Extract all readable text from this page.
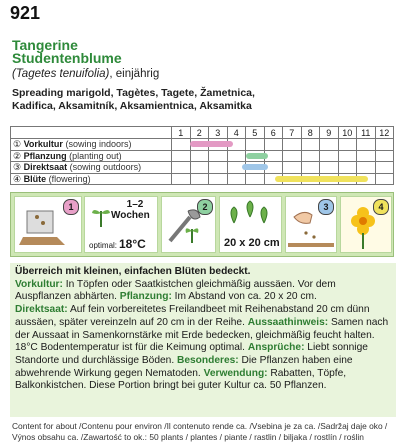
921
Tangerine
Studentenblume
(Tagetes tenuifolia), einjährig
Spreading marigold, Tagètes, Tagete, Žametnica,
Kadifica, Aksamitník, Aksamientnica, Aksamitka
	1	2	3	4	5	6	7	8	9	10	11	12
① Vorkultur (sowing indoors)												
② Pflanzung (planting out)												
③ Direktsaat (sowing outdoors)												
④ Blüte (flowering)												
1	1–2
Wochen
optimal: 18°C
2
20 x 20 cm
3	4
Überreich mit kleinen, einfachen Blüten bedeckt.
Vorkultur: In Töpfen oder Saatkistchen gleichmäßig aussäen. Vor dem Auspflanzen abhärten. Pflanzung: Im Abstand von ca. 20 x 20 cm.
Direktsaat: Auf fein vorbereitetes Freilandbeet mit Reihenabstand 20 cm dünn aussäen, später vereinzeln auf 20 cm in der Reihe. Aussaathinweis: Samen nach der Aussaat in Samenkornstärke mit Erde bedecken, gleichmäßig feucht halten. 18°C Bodentemperatur ist für die Keimung optimal. Ansprüche: Liebt sonnige Standorte und durchlässige Böden. Besonderes: Die Pflanzen haben eine abwehrende Wirkung gegen Nematoden. Verwendung: Rabatten, Töpfe, Balkonkistchen. Diese Portion bringt bei guter Kultur ca. 50 Pflanzen.
Content for about /Contenu pour environ /Il contenuto rende ca. /Vsebina je za ca. /Sadržaj daje oko /
Výnos obsahu ca. /Zawartość to ok.: 50 plants / plantes / piante / rastlin / biljaka / rostlín / roślin
